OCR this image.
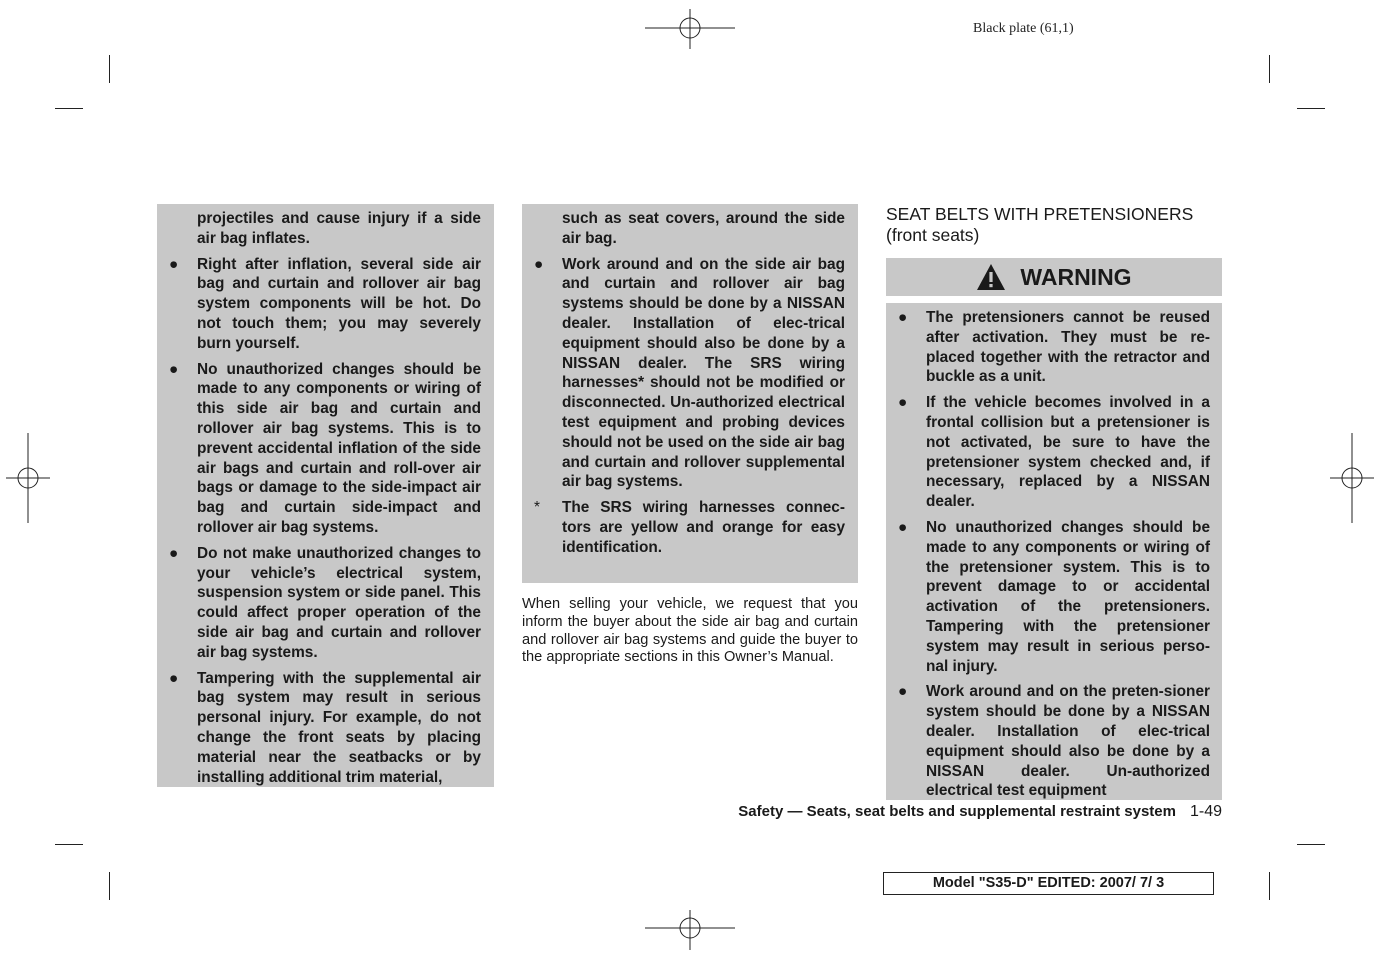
Black plate (61,1)
projectiles and cause injury if a side air bag inflates.
● Right after inflation, several side air bag and curtain and rollover air bag system components will be hot. Do not touch them; you may severely burn yourself.
● No unauthorized changes should be made to any components or wiring of this side air bag and curtain and rollover air bag systems. This is to prevent accidental inflation of the side air bags and curtain and roll-over air bags or damage to the side-impact air bag and curtain side-impact and rollover air bag systems.
● Do not make unauthorized changes to your vehicle’s electrical system, suspension system or side panel. This could affect proper operation of the side air bag and curtain and rollover air bag systems.
● Tampering with the supplemental air bag system may result in serious personal injury. For example, do not change the front seats by placing material near the seatbacks or by installing additional trim material,
such as seat covers, around the side air bag.
● Work around and on the side air bag and curtain and rollover air bag systems should be done by a NISSAN dealer. Installation of elec-trical equipment should also be done by a NISSAN dealer. The SRS wiring harnesses* should not be modified or disconnected. Un-authorized electrical test equipment and probing devices should not be used on the side air bag and curtain and rollover supplemental air bag systems.
* The SRS wiring harnesses connec-tors are yellow and orange for easy identification.
When selling your vehicle, we request that you inform the buyer about the side air bag and curtain and rollover air bag systems and guide the buyer to the appropriate sections in this Owner’s Manual.
SEAT BELTS WITH PRETENSIONERS
(front seats)
WARNING
● The pretensioners cannot be reused after activation. They must be re-placed together with the retractor and buckle as a unit.
● If the vehicle becomes involved in a frontal collision but a pretensioner is not activated, be sure to have the pretensioner system checked and, if necessary, replaced by a NISSAN dealer.
● No unauthorized changes should be made to any components or wiring of the pretensioner system. This is to prevent damage to or accidental activation of the pretensioners. Tampering with the pretensioner system may result in serious perso-nal injury.
● Work around and on the preten-sioner system should be done by a NISSAN dealer. Installation of elec-trical equipment should also be done by a NISSAN dealer. Un-authorized electrical test equipment
Safety — Seats, seat belts and supplemental restraint system 1-49
Model "S35-D" EDITED: 2007/ 7/ 3
